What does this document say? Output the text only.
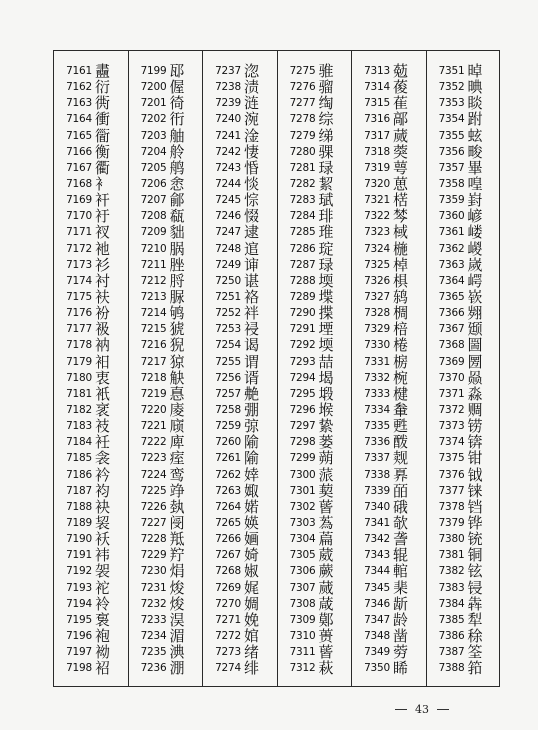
7161 衋
7162 衍
7163 衖
7164 衝
7165 衟
7166 衡
7167 衢
7168 衤
7169 衦
7170 衧
7171 衩
7172 衪
7173 衫
7174 衬
7175 衭
7176 衯
7177 衱
7178 衲
7179 衵
7180 衷
7181 衹
7182 衺
7183 衼
7184 衽
7185 衾
7186 衿
7187 袀
7188 袂
7189 袃
7190 袄
7191 袆
7192 袈
7193 袉
7194 袊
7195 袌
7196 袍
7197 袎
7198 袑
7199 邷
7200 偓
7201 徛
7202 衎
7203 舳
7204 舲
7205 鸼
7206 悆
7207 鄃
7208 瓻
7209 貀
7210 脶
7211 脞
7212 脟
7213 脲
7214 鸲
7215 猇
7216 猊
7217 猄
7218 觖
7219 惪
7220 庱
7221 庼
7222 庳
7223 痓
7224 鸾
7225 竫
7226 埶
7227 阌
7228 羝
7229 羜
7230 焆
7231 焌
7232 焌
7233 淏
7234 湄
7235 淟
7236 淜
7237 淴
7238 渍
7239 涟
7240 涴
7241 淦
7242 悽
7243 惛
7244 惔
7245 悰
7246 惙
7247 逮
7248 逭
7249 谉
7250 谌
7251 袼
7252 袢
7253 祲
7254 谒
7255 谓
7256 谞
7257 艴
7258 弸
7259 弶
7260 隃
7261 隃
7262 婞
7263 娵
7264 婼
7265 媖
7266 婳
7267 婍
7268 婌
7269 娓
7270 婤
7271 娩
7272 婠
7273 绪
7274 绯
7275 骓
7276 骝
7277 绹
7278 综
7279 绨
7280 骒
7281 琭
7282 絜
7283 珷
7284 琲
7285 琟
7286 琔
7287 琭
7288 堧
7289 堞
7290 揲
7291 堙
7292 堧
7293 喆
7294 堨
7295 塅
7296 堠
7297 絷
7298 蒌
7299 蒴
7300 蒎
7301 葜
7302 蒈
7303 蒍
7304 萹
7305 葳
7306 蕨
7307 蒇
7308 葴
7309 鄚
7310 蒉
7311 蒈
7312 萩
7313 葂
7314 葰
7315 萑
7316 鄗
7317 蒇
7318 葖
7319 萼
7320 葸
7321 楛
7322 棽
7323 棫
7324 椸
7325 棹
7326 椇
7327 鸫
7328 椆
7329 棓
7330 棬
7331 椖
7332 椀
7333 楗
7334 軬
7335 甦
7336 酦
7337 觌
7338 奡
7339 皕
7340 硪
7341 欹
7342 詟
7343 辊
7344 輨
7345 棐
7346 龂
7347 龄
7348 凿
7349 䓖
7350 睎
7351 晫
7352 晪
7353 睒
7354 跗
7355 蚿
7356 畯
7357 畢
7358 喤
7359 崶
7360 嵃
7361 嵝
7362 嵕
7363 嵗
7364 崿
7365 嵚
7366 翙
7367 颋
7368 圌
7369 圐
7370 赑
7371 淼
7372 赒
7373 铹
7374 锛
7375 钳
7376 钺
7377 铼
7378 铛
7379 铧
7380 铳
7381 铜
7382 铉
7383 锓
7384 犇
7385 犁
7386 稌
7387 筌
7388 筘
43
